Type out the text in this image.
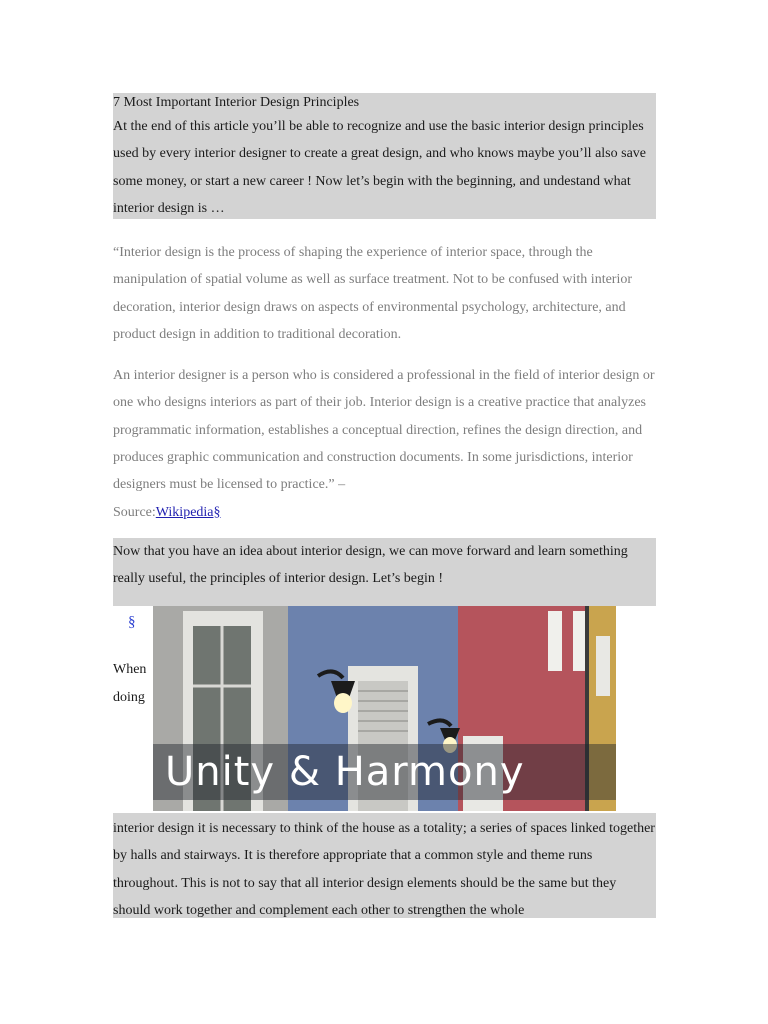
7 Most Important Interior Design Principles
At the end of this article you’ll be able to recognize and use the basic interior design principles used by every interior designer to create a great design, and who knows maybe you’ll also save some money, or start a new career ! Now let’s begin with the beginning, and undestand what interior design is …

“Interior design is the process of shaping the experience of interior space, through the manipulation of spatial volume as well as surface treatment. Not to be confused with interior decoration, interior design draws on aspects of environmental psychology, architecture, and product design in addition to traditional decoration.

An interior designer is a person who is considered a professional in the field of interior design or one who designs interiors as part of their job. Interior design is a creative practice that analyzes programmatic information, establishes a conceptual direction, refines the design direction, and produces graphic communication and construction documents. In some jurisdictions, interior designers must be licensed to practice.” –
Source:Wikipedia§

Now that you have an idea about interior design, we can move forward and learn something really useful, the principles of interior design. Let’s begin !
§
When
doing
Unity & Harmony
interior design it is necessary to think of the house as a totality; a series of spaces linked together by halls and stairways. It is therefore appropriate that a common style and theme runs throughout. This is not to say that all interior design elements should be the same but they should work together and complement each other to strengthen the whole
